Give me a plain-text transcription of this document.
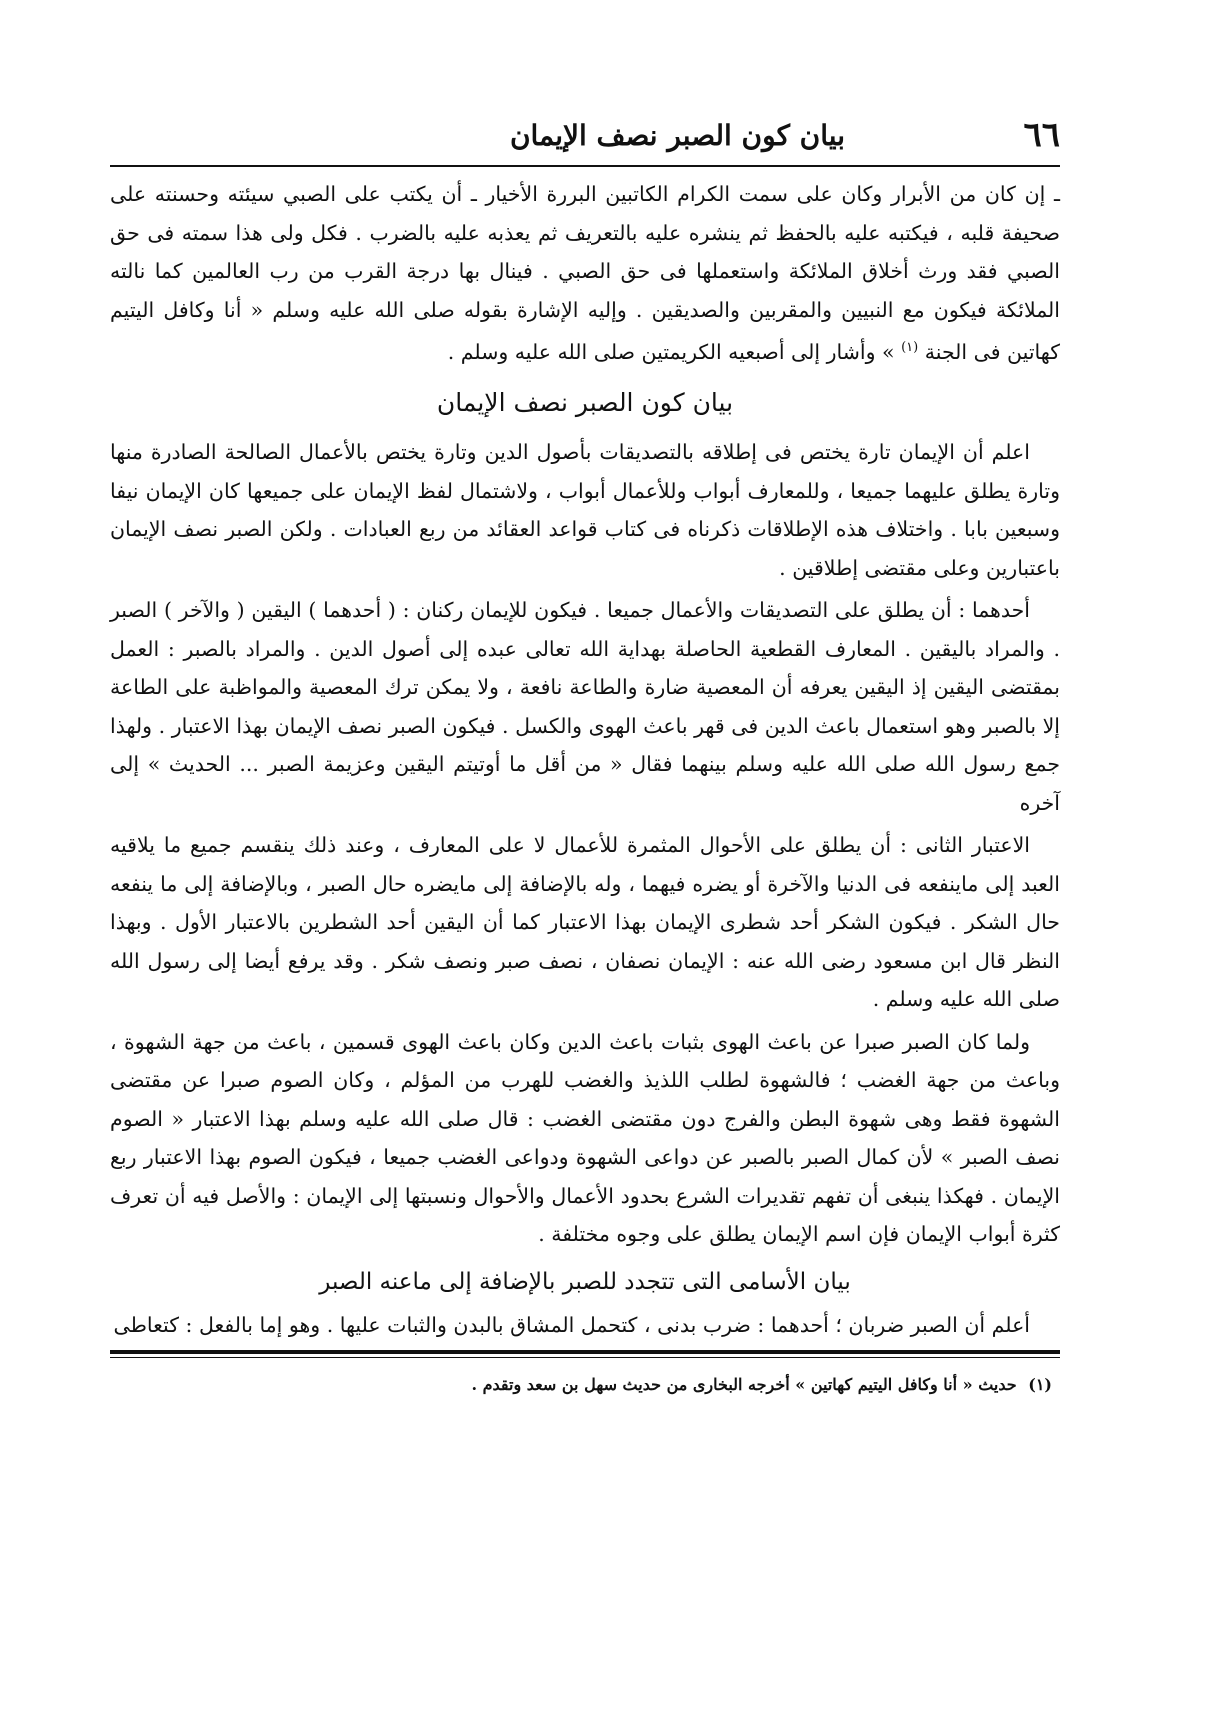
٦٦
بيان كون الصبر نصف الإيمان

ـ إن كان من الأبرار وكان على سمت الكرام الكاتبين البررة الأخيار ـ أن يكتب على الصبي سيئته وحسنته على صحيفة قلبه ، فيكتبه عليه بالحفظ ثم ينشره عليه بالتعريف ثم يعذبه عليه بالضرب . فكل ولى هذا سمته فى حق الصبي فقد ورث أخلاق الملائكة واستعملها فى حق الصبي . فينال بها درجة القرب من رب العالمين كما نالته الملائكة فيكون مع النبيين والمقربين والصديقين . وإليه الإشارة بقوله صلى الله عليه وسلم « أنا وكافل اليتيم كهاتين فى الجنة $^{(١)}$ » وأشار إلى أصبعيه الكريمتين صلى الله عليه وسلم .

بيان كون الصبر نصف الإيمان

اعلم أن الإيمان تارة يختص فى إطلاقه بالتصديقات بأصول الدين وتارة يختص بالأعمال الصالحة الصادرة منها وتارة يطلق عليهما جميعا ، وللمعارف أبواب وللأعمال أبواب ، ولاشتمال لفظ الإيمان على جميعها كان الإيمان نيفا وسبعين بابا . واختلاف هذه الإطلاقات ذكرناه فى كتاب قواعد العقائد من ربع العبادات . ولكن الصبر نصف الإيمان باعتبارين وعلى مقتضى إطلاقين .

أحدهما : أن يطلق على التصديقات والأعمال جميعا . فيكون للإيمان ركنان : ( أحدهما ) اليقين ( والآخر ) الصبر . والمراد باليقين . المعارف القطعية الحاصلة بهداية الله تعالى عبده إلى أصول الدين . والمراد بالصبر : العمل بمقتضى اليقين إذ اليقين يعرفه أن المعصية ضارة والطاعة نافعة ، ولا يمكن ترك المعصية والمواظبة على الطاعة إلا بالصبر وهو استعمال باعث الدين فى قهر باعث الهوى والكسل . فيكون الصبر نصف الإيمان بهذا الاعتبار . ولهذا جمع رسول الله صلى الله عليه وسلم بينهما فقال « من أقل ما أوتيتم اليقين وعزيمة الصبر ... الحديث » إلى آخره

الاعتبار الثانى : أن يطلق على الأحوال المثمرة للأعمال لا على المعارف ، وعند ذلك ينقسم جميع ما يلاقيه العبد إلى ماينفعه فى الدنيا والآخرة أو يضره فيهما ، وله بالإضافة إلى مايضره حال الصبر ، وبالإضافة إلى ما ينفعه حال الشكر . فيكون الشكر أحد شطرى الإيمان بهذا الاعتبار كما أن اليقين أحد الشطرين بالاعتبار الأول . وبهذا النظر قال ابن مسعود رضى الله عنه : الإيمان نصفان ، نصف صبر ونصف شكر . وقد يرفع أيضا إلى رسول الله صلى الله عليه وسلم .

ولما كان الصبر صبرا عن باعث الهوى بثبات باعث الدين وكان باعث الهوى قسمين ، باعث من جهة الشهوة ، وباعث من جهة الغضب ؛ فالشهوة لطلب اللذيذ والغضب للهرب من المؤلم ، وكان الصوم صبرا عن مقتضى الشهوة فقط وهى شهوة البطن والفرج دون مقتضى الغضب : قال صلى الله عليه وسلم بهذا الاعتبار « الصوم نصف الصبر » لأن كمال الصبر بالصبر عن دواعى الشهوة ودواعى الغضب جميعا ، فيكون الصوم بهذا الاعتبار ربع الإيمان . فهكذا ينبغى أن تفهم تقديرات الشرع بحدود الأعمال والأحوال ونسبتها إلى الإيمان : والأصل فيه أن تعرف كثرة أبواب الإيمان فإن اسم الإيمان يطلق على وجوه مختلفة .

بيان الأسامى التى تتجدد للصبر بالإضافة إلى ماعنه الصبر

أعلم أن الصبر ضربان ؛ أحدهما : ضرب بدنى ، كتحمل المشاق بالبدن والثبات عليها . وهو إما بالفعل : كتعاطى

(١) حديث « أنا وكافل اليتيم كهاتين » أخرجه البخارى من حديث سهل بن سعد وتقدم .
